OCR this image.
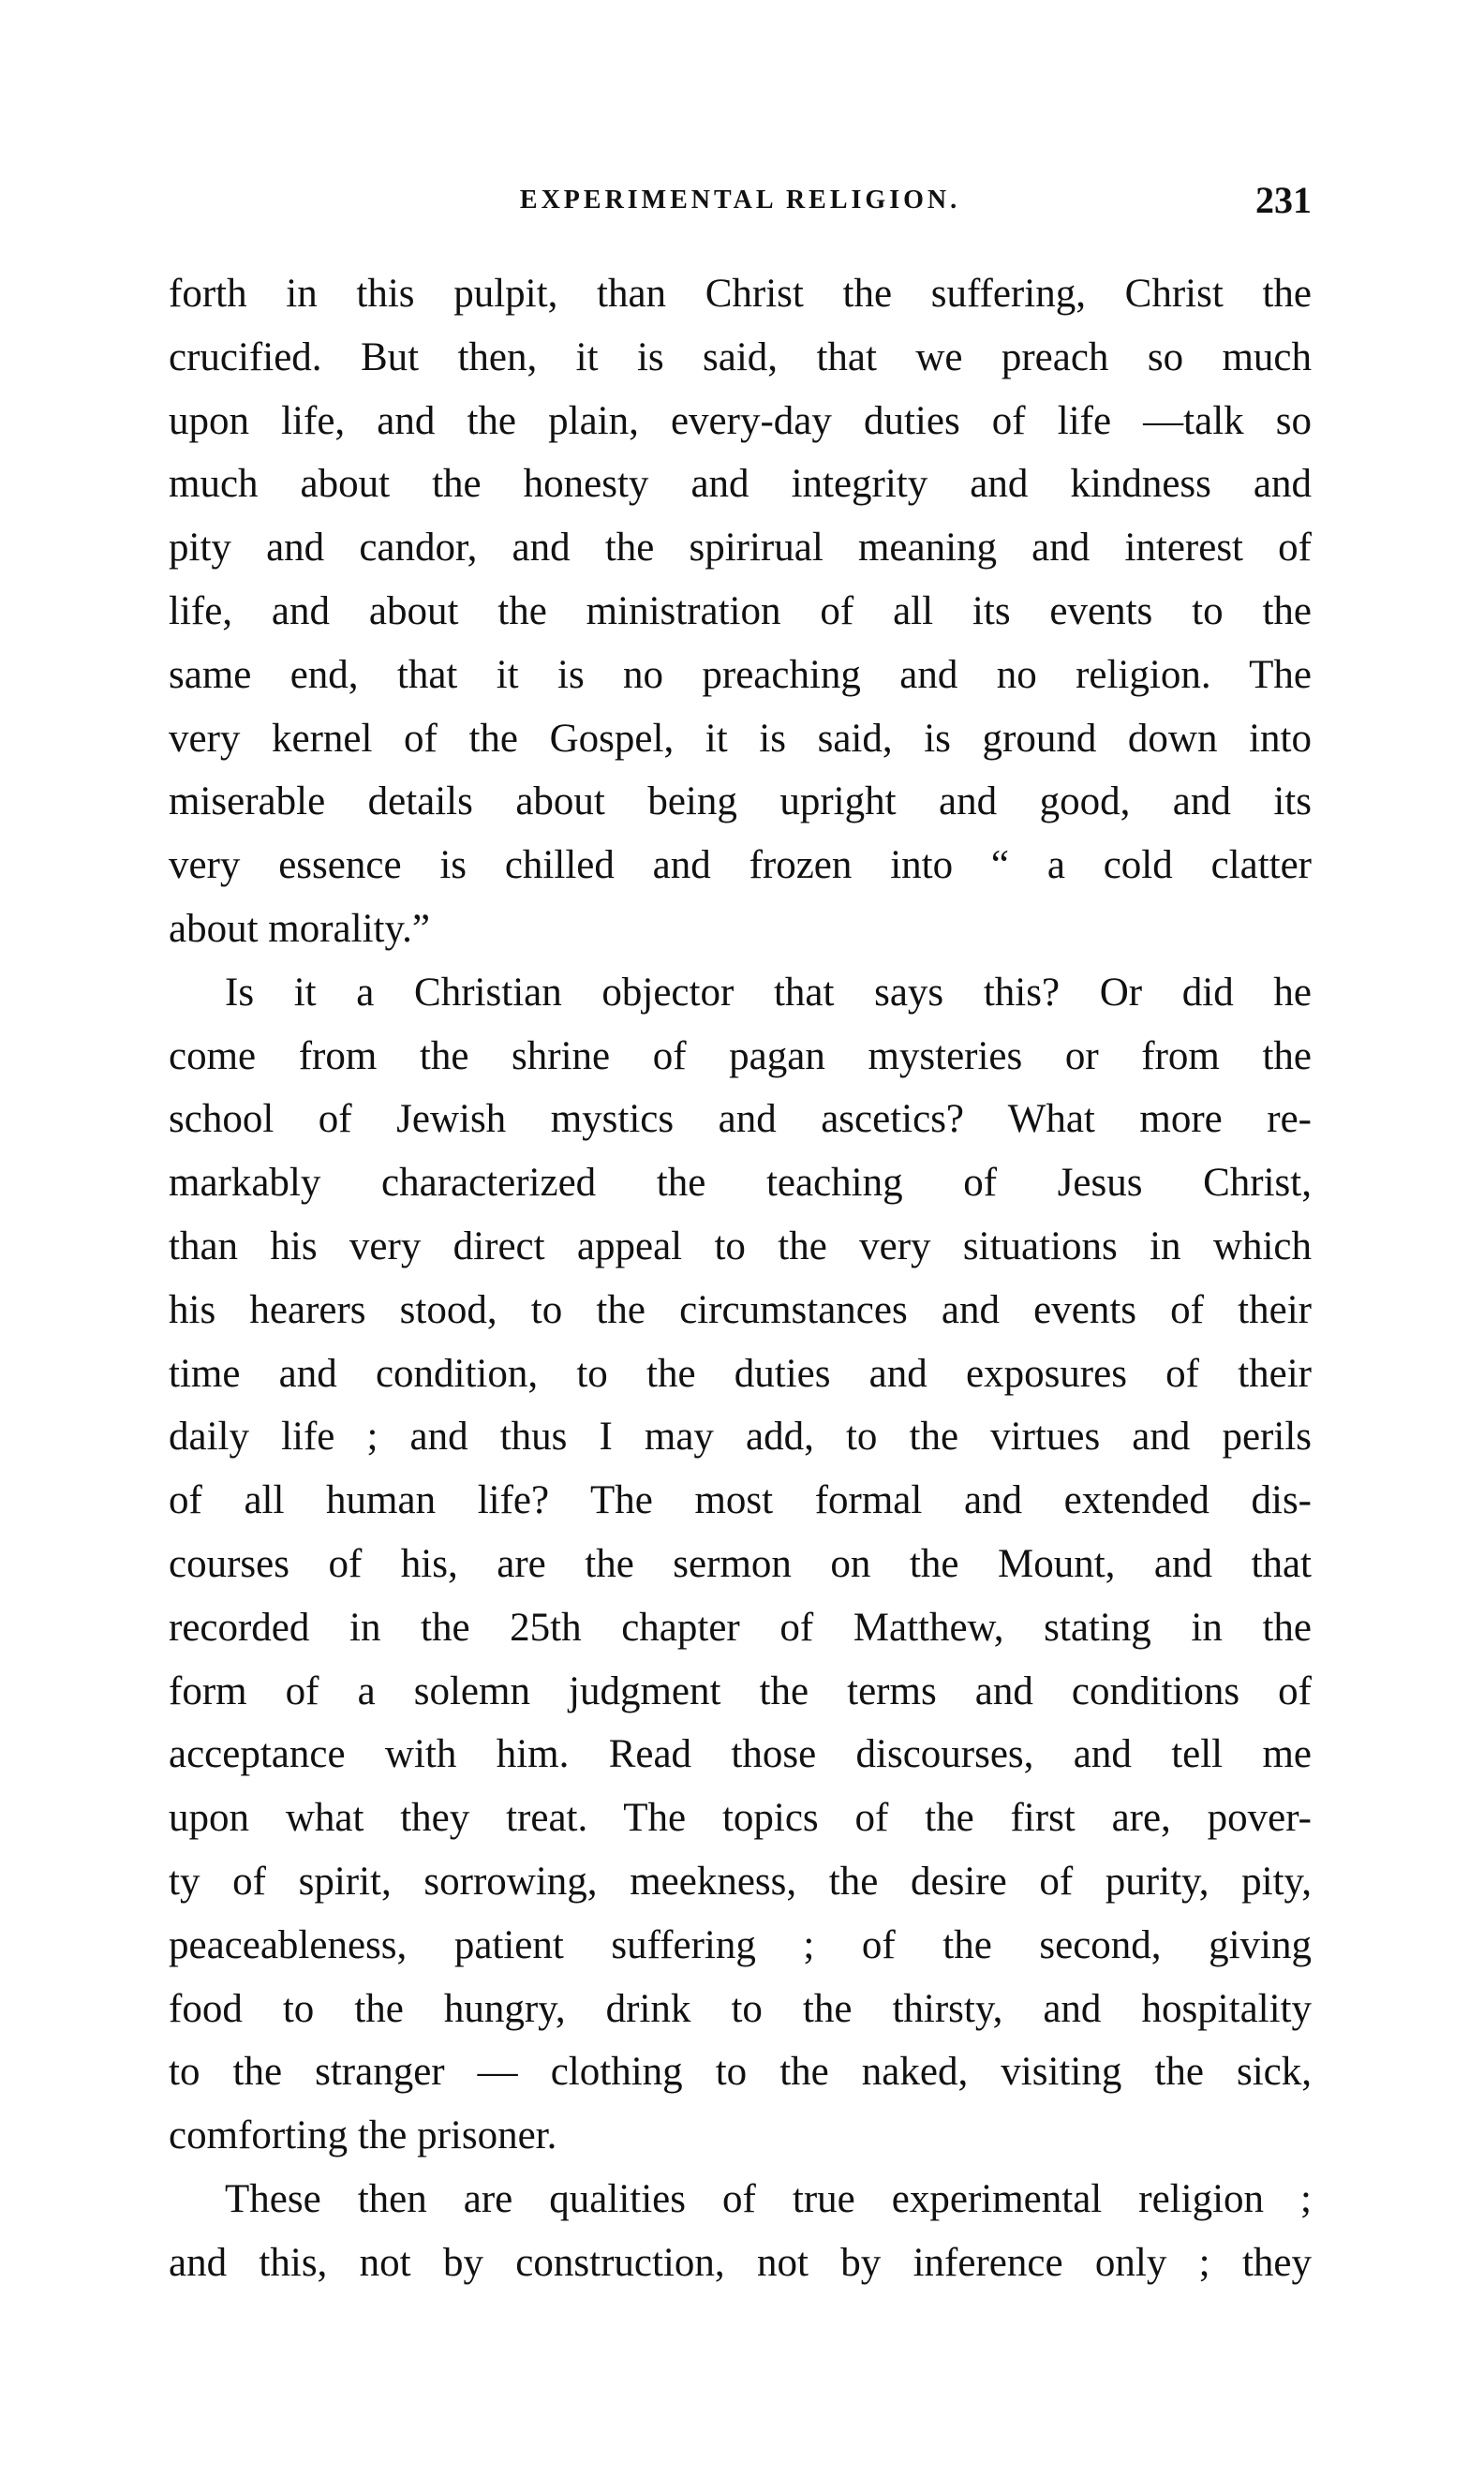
EXPERIMENTAL RELIGION.	231
forth in this pulpit, than Christ the suffering, Christ the
crucified. But then, it is said, that we preach so much
upon life, and the plain, every-day duties of life —talk so
much about the honesty and integrity and kindness and
pity and candor, and the spirirual meaning and interest of
life, and about the ministration of all its events to the
same end, that it is no preaching and no religion. The
very kernel of the Gospel, it is said, is ground down into
miserable details about being upright and good, and its
very essence is chilled and frozen into “ a cold clatter
about morality.”
Is it a Christian objector that says this? Or did he
come from the shrine of pagan mysteries or from the
school of Jewish mystics and ascetics? What more re-
markably characterized the teaching of Jesus Christ,
than his very direct appeal to the very situations in which
his hearers stood, to the circumstances and events of their
time and condition, to the duties and exposures of their
daily life ; and thus I may add, to the virtues and perils
of all human life? The most formal and extended dis-
courses of his, are the sermon on the Mount, and that
recorded in the 25th chapter of Matthew, stating in the
form of a solemn judgment the terms and conditions of
acceptance with him. Read those discourses, and tell me
upon what they treat. The topics of the first are, pover-
ty of spirit, sorrowing, meekness, the desire of purity, pity,
peaceableness, patient suffering ; of the second, giving
food to the hungry, drink to the thirsty, and hospitality
to the stranger — clothing to the naked, visiting the sick,
comforting the prisoner.
These then are qualities of true experimental religion ;
and this, not by construction, not by inference only ; they
